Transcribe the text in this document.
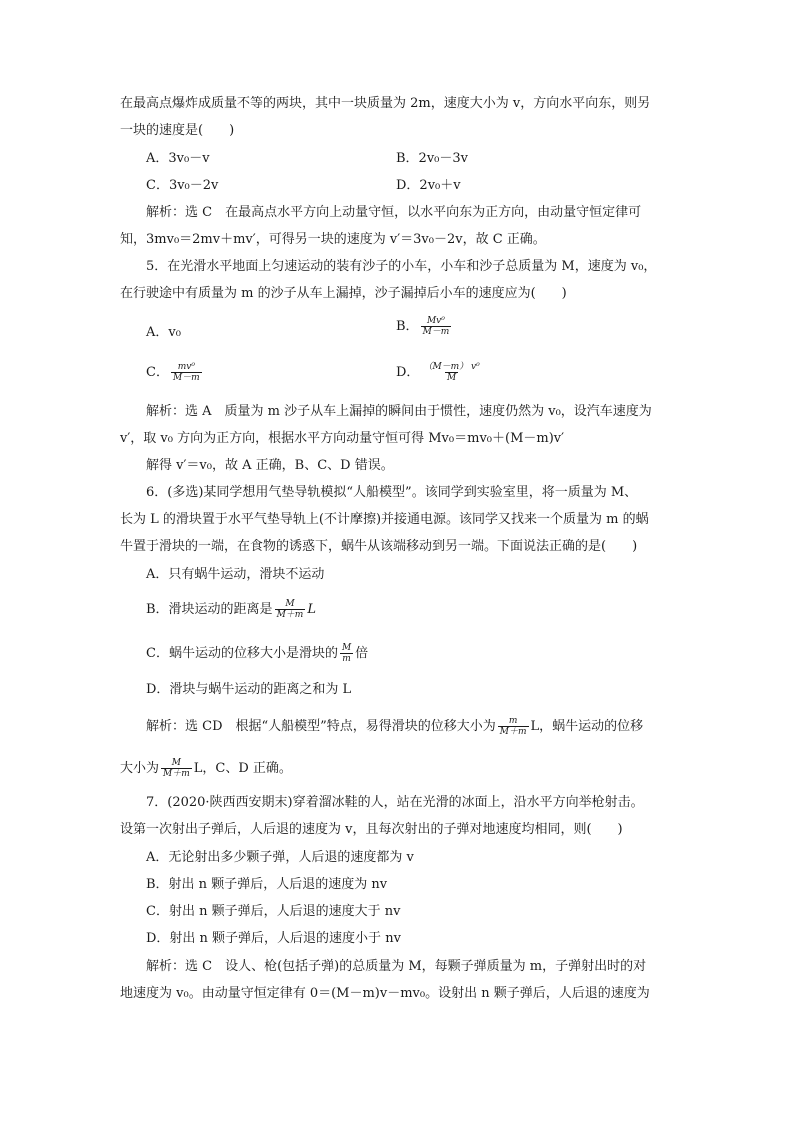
在最高点爆炸成质量不等的两块，其中一块质量为 2m，速度大小为 v，方向水平向东，则另
一块的速度是(　　)
A．3v₀－v	B．2v₀－3v
C．3v₀－2v	D．2v₀＋v
解析：选 C　在最高点水平方向上动量守恒，以水平向东为正方向，由动量守恒定律可
知，3mv₀＝2mv＋mv′，可得另一块的速度为 v′＝3v₀－2v，故 C 正确。
5．在光滑水平地面上匀速运动的装有沙子的小车，小车和沙子总质量为 M，速度为 v₀，
在行驶途中有质量为 m 的沙子从车上漏掉，沙子漏掉后小车的速度应为(　　)
A．v₀	B． $\frac{\text{Mv⁰}}{M-m}$
C． $\frac{\text{mv⁰}}{M-m}$	D． $\frac{\text{（M－m） v⁰}}{M}$
解析：选 A　质量为 m 沙子从车上漏掉的瞬间由于惯性，速度仍然为 v₀，设汽车速度为
v′，取 v₀ 方向为正方向，根据水平方向动量守恒可得 Mv₀＝mv₀＋(M－m)v′
解得 v′＝v₀，故 A 正确，B、C、D 错误。
6．(多选)某同学想用气垫导轨模拟“人船模型”。该同学到实验室里，将一质量为 M、
长为 L 的滑块置于水平气垫导轨上(不计摩擦)并接通电源。该同学又找来一个质量为 m 的蜗
牛置于滑块的一端，在食物的诱惑下，蜗牛从该端移动到另一端。下面说法正确的是(　　)
A．只有蜗牛运动，滑块不运动
B．滑块运动的距离是 $\frac{M}{M+m}$ L
C．蜗牛运动的位移大小是滑块的 $\frac{M}{m}$ 倍
D．滑块与蜗牛运动的距离之和为 L
解析：选 CD　根据“人船模型”特点，易得滑块的位移大小为 $\frac{m}{M+m}$ L，蜗牛运动的位移
大小为 $\frac{M}{M+m}$ L，C、D 正确。
7．(2020·陕西西安期末)穿着溜冰鞋的人，站在光滑的冰面上，沿水平方向举枪射击。
设第一次射出子弹后，人后退的速度为 v，且每次射出的子弹对地速度均相同，则(　　)
A．无论射出多少颗子弹，人后退的速度都为 v
B．射出 n 颗子弹后，人后退的速度为 nv
C．射出 n 颗子弹后，人后退的速度大于 nv
D．射出 n 颗子弹后，人后退的速度小于 nv
解析：选 C　设人、枪(包括子弹)的总质量为 M，每颗子弹质量为 m，子弹射出时的对
地速度为 v₀。由动量守恒定律有 0＝(M－m)v－mv₀。设射出 n 颗子弹后，人后退的速度为
